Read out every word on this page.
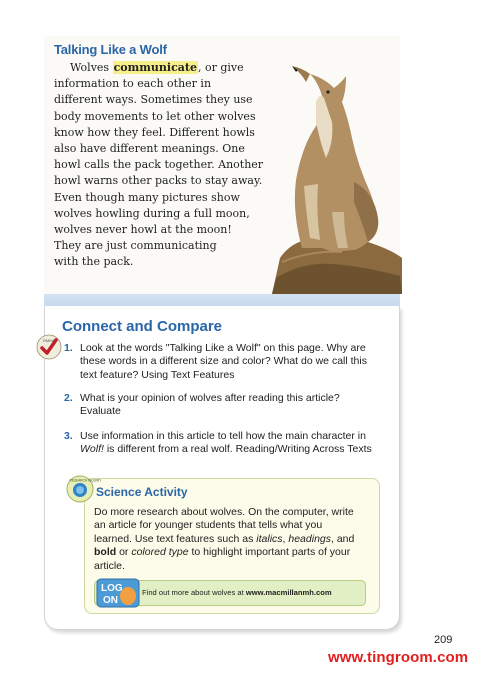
Talking Like a Wolf
Wolves communicate, or give
information to each other in
different ways. Sometimes they use
body movements to let other wolves
know how they feel. Different howls
also have different meanings. One
howl calls the pack together. Another
howl warns other packs to stay away.
Even though many pictures show
wolves howling during a full moon,
wolves never howl at the moon!
They are just communicating
with the pack.
RMMA
Connect and Compare
1. Look at the words "Talking Like a Wolf" on this page. Why are these words in a different size and color? What do we call this text feature? Using Text Features
2. What is your opinion of wolves after reading this article? Evaluate
3. Use information in this article to tell how the main character in Wolf! is different from a real wolf. Reading/Writing Across Texts
RESEARCH INQUIRY
Science Activity
Do more research about wolves. On the computer, write an article for younger students that tells what you learned. Use text features such as italics, headings, and bold or colored type to highlight important parts of your article.
LOG
ON
Find out more about wolves at www.macmillanmh.com
209
www.tingroom.com
